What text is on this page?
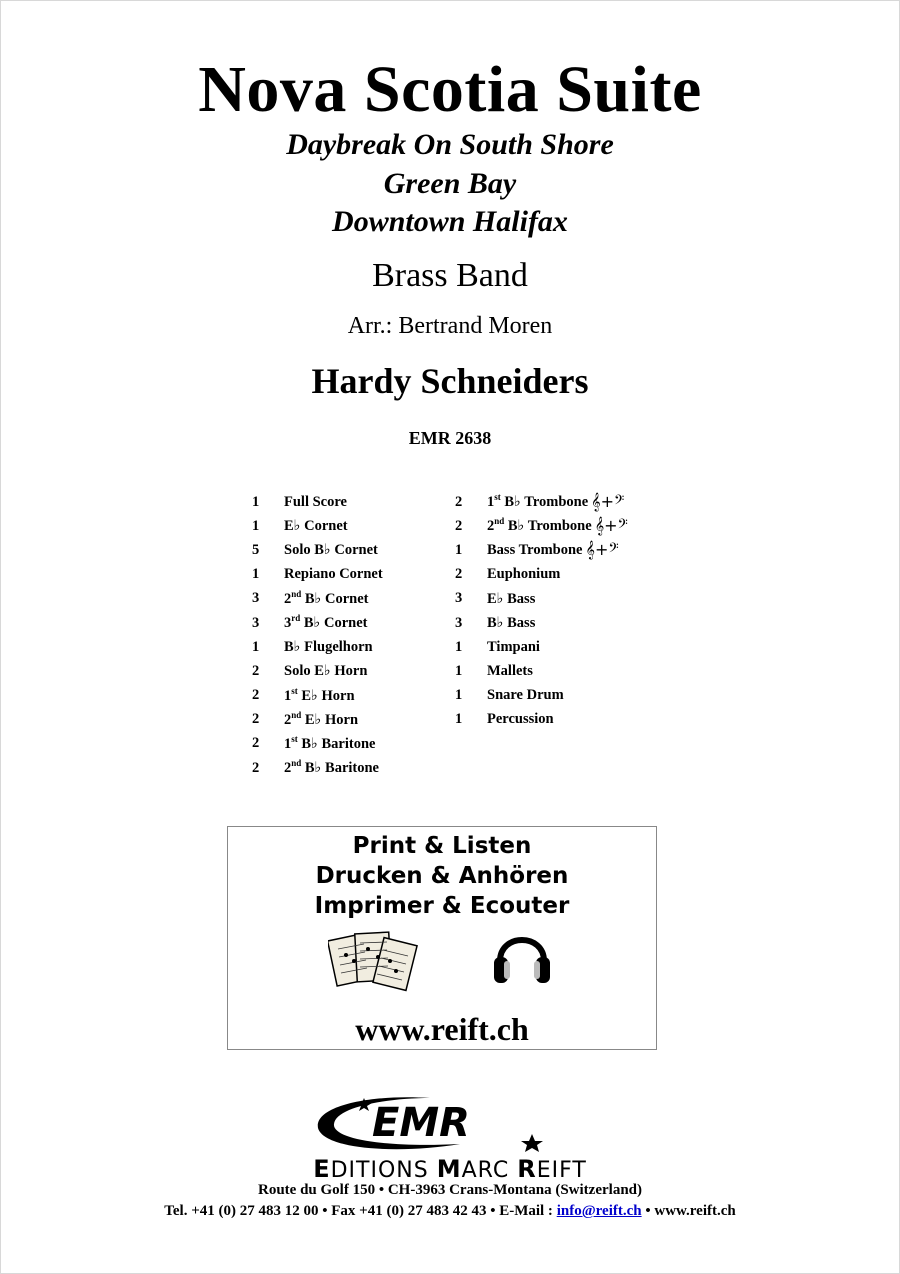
Nova Scotia Suite
Daybreak On South Shore
Green Bay
Downtown Halifax
Brass Band
Arr.: Bertrand Moren
Hardy Schneiders
EMR 2638
1	Full Score
1	E♭ Cornet
5	Solo B♭ Cornet
1	Repiano Cornet
3	2nd B♭ Cornet
3	3rd B♭ Cornet
1	B♭ Flugelhorn
2	Solo E♭ Horn
2	1st E♭ Horn
2	2nd E♭ Horn
2	1st B♭ Baritone
2	2nd B♭ Baritone
2	1st B♭ Trombone 𝄞+𝄢
2	2nd B♭ Trombone 𝄞+𝄢
1	Bass Trombone 𝄞+𝄢
2	Euphonium
3	E♭ Bass
3	B♭ Bass
1	Timpani
1	Mallets
1	Snare Drum
1	Percussion
Print & Listen
Drucken & Anhören
Imprimer & Ecouter
www.reift.ch
EMR
EDITIONS MARC REIFT
Route du Golf 150 • CH-3963 Crans-Montana (Switzerland)
Tel. +41 (0) 27 483 12 00 • Fax +41 (0) 27 483 42 43 • E-Mail : info@reift.ch • www.reift.ch
